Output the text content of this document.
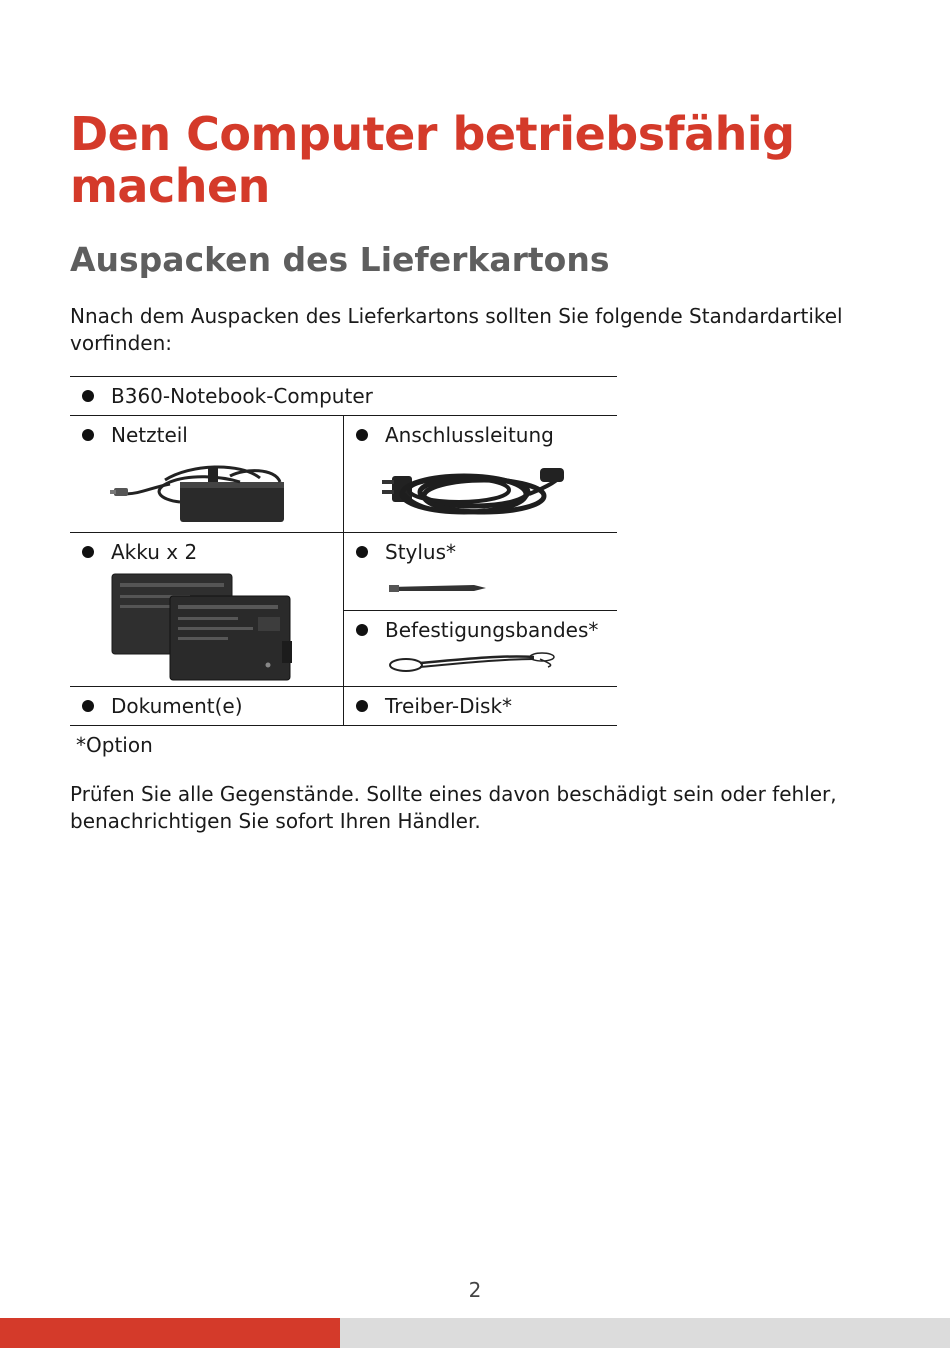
Den Computer betriebsfähig machen
Auspacken des Lieferkartons

Nnach dem Auspacken des Lieferkartons sollten Sie folgende Standardartikel vorfinden:

B360-Notebook-Computer	

Netzteil	Anschlussleitung

Akku x 2	Stylus*
Befestigungsbandes*

Dokument(e)	Treiber-Disk*
*Option

Prüfen Sie alle Gegenstände. Sollte eines davon beschädigt sein oder fehler, benachrichtigen Sie sofort Ihren Händler.

2
